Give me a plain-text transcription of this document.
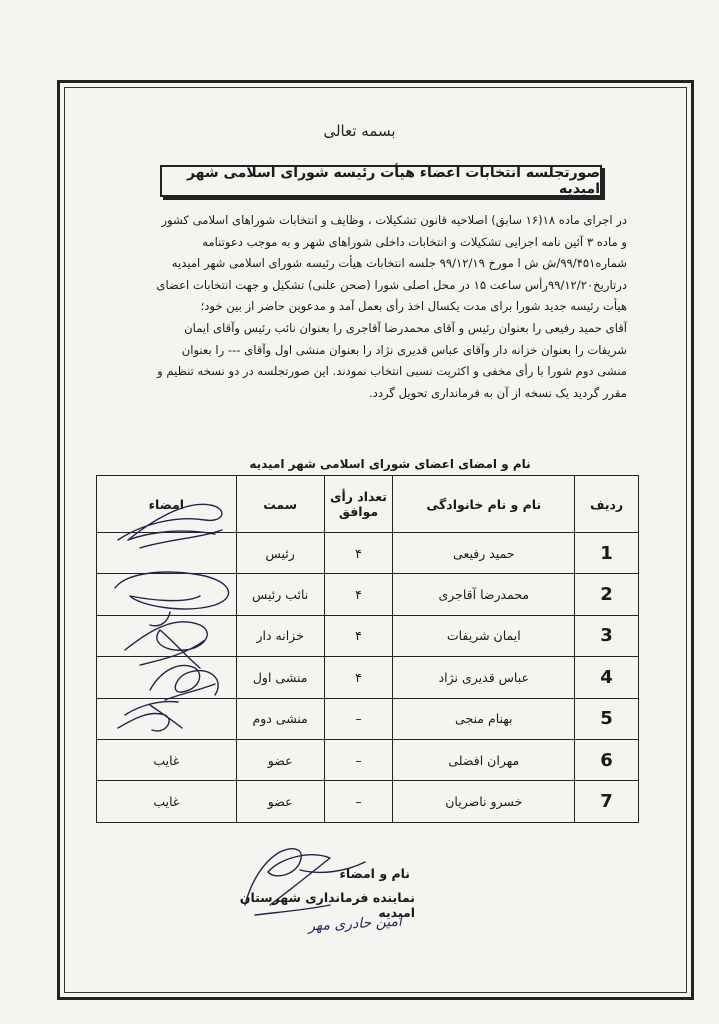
بسمه تعالی
صورتجلسه انتخابات اعضاء هیأت رئیسه شورای اسلامی شهر امیدیه

در اجرای ماده ۱۸(۱۶ سابق) اصلاحیه قانون تشکیلات ، وظایف و انتخابات شوراهای اسلامی کشور

و ماده ۳ آئین نامه اجرایی تشکیلات و انتخابات داخلی شوراهای شهر و به موجب دعوتنامه

شماره۹۹/۴۵۱/ش ش ا مورخ ۹۹/۱۲/۱۹ جلسه انتخابات هیأت رئیسه شورای اسلامی شهر امیدیه

درتاریخ۹۹/۱۲/۲۰رأس ساعت ۱۵ در محل اصلی شورا (صحن علنی) تشکیل و جهت انتخابات اعضای

هیأت رئیسه جدید شورا برای مدت یکسال اخذ رأی بعمل آمد و مدعوین حاضر از بین خود؛

آقای حمید رفیعی را بعنوان رئیس و آقای محمدرضا آقاجری را بعنوان نائب رئیس وآقای ایمان

شریفات را بعنوان خزانه دار وآقای عباس قدیری نژاد را بعنوان منشی اول وآقای --- را بعنوان

منشی دوم شورا با رأی مخفی و اکثریت نسبی انتخاب نمودند. این صورتجلسه در دو نسخه تنظیم و

مقرر گردید یک نسخه از آن به فرمانداری تحویل گردد.

نام و امضای اعضای شورای اسلامی شهر امیدیه
ردیف	نام و نام خانوادگی	تعداد رأی موافق	سمت	امضاء
1	حمید رفیعی	۴	رئیس	
2	محمدرضا آقاجری	۴	نائب رئیس	
3	ایمان شریفات	۴	خزانه دار	
4	عباس قدیری نژاد	۴	منشی اول	
5	بهنام منجی	–	منشی دوم	
6	مهران افضلی	–	عضو	غایب
7	خسرو ناصریان	–	عضو	غایب
نام و امضاء
نماینده فرمانداری شهرستان امیدیه
امین حادری مهر
